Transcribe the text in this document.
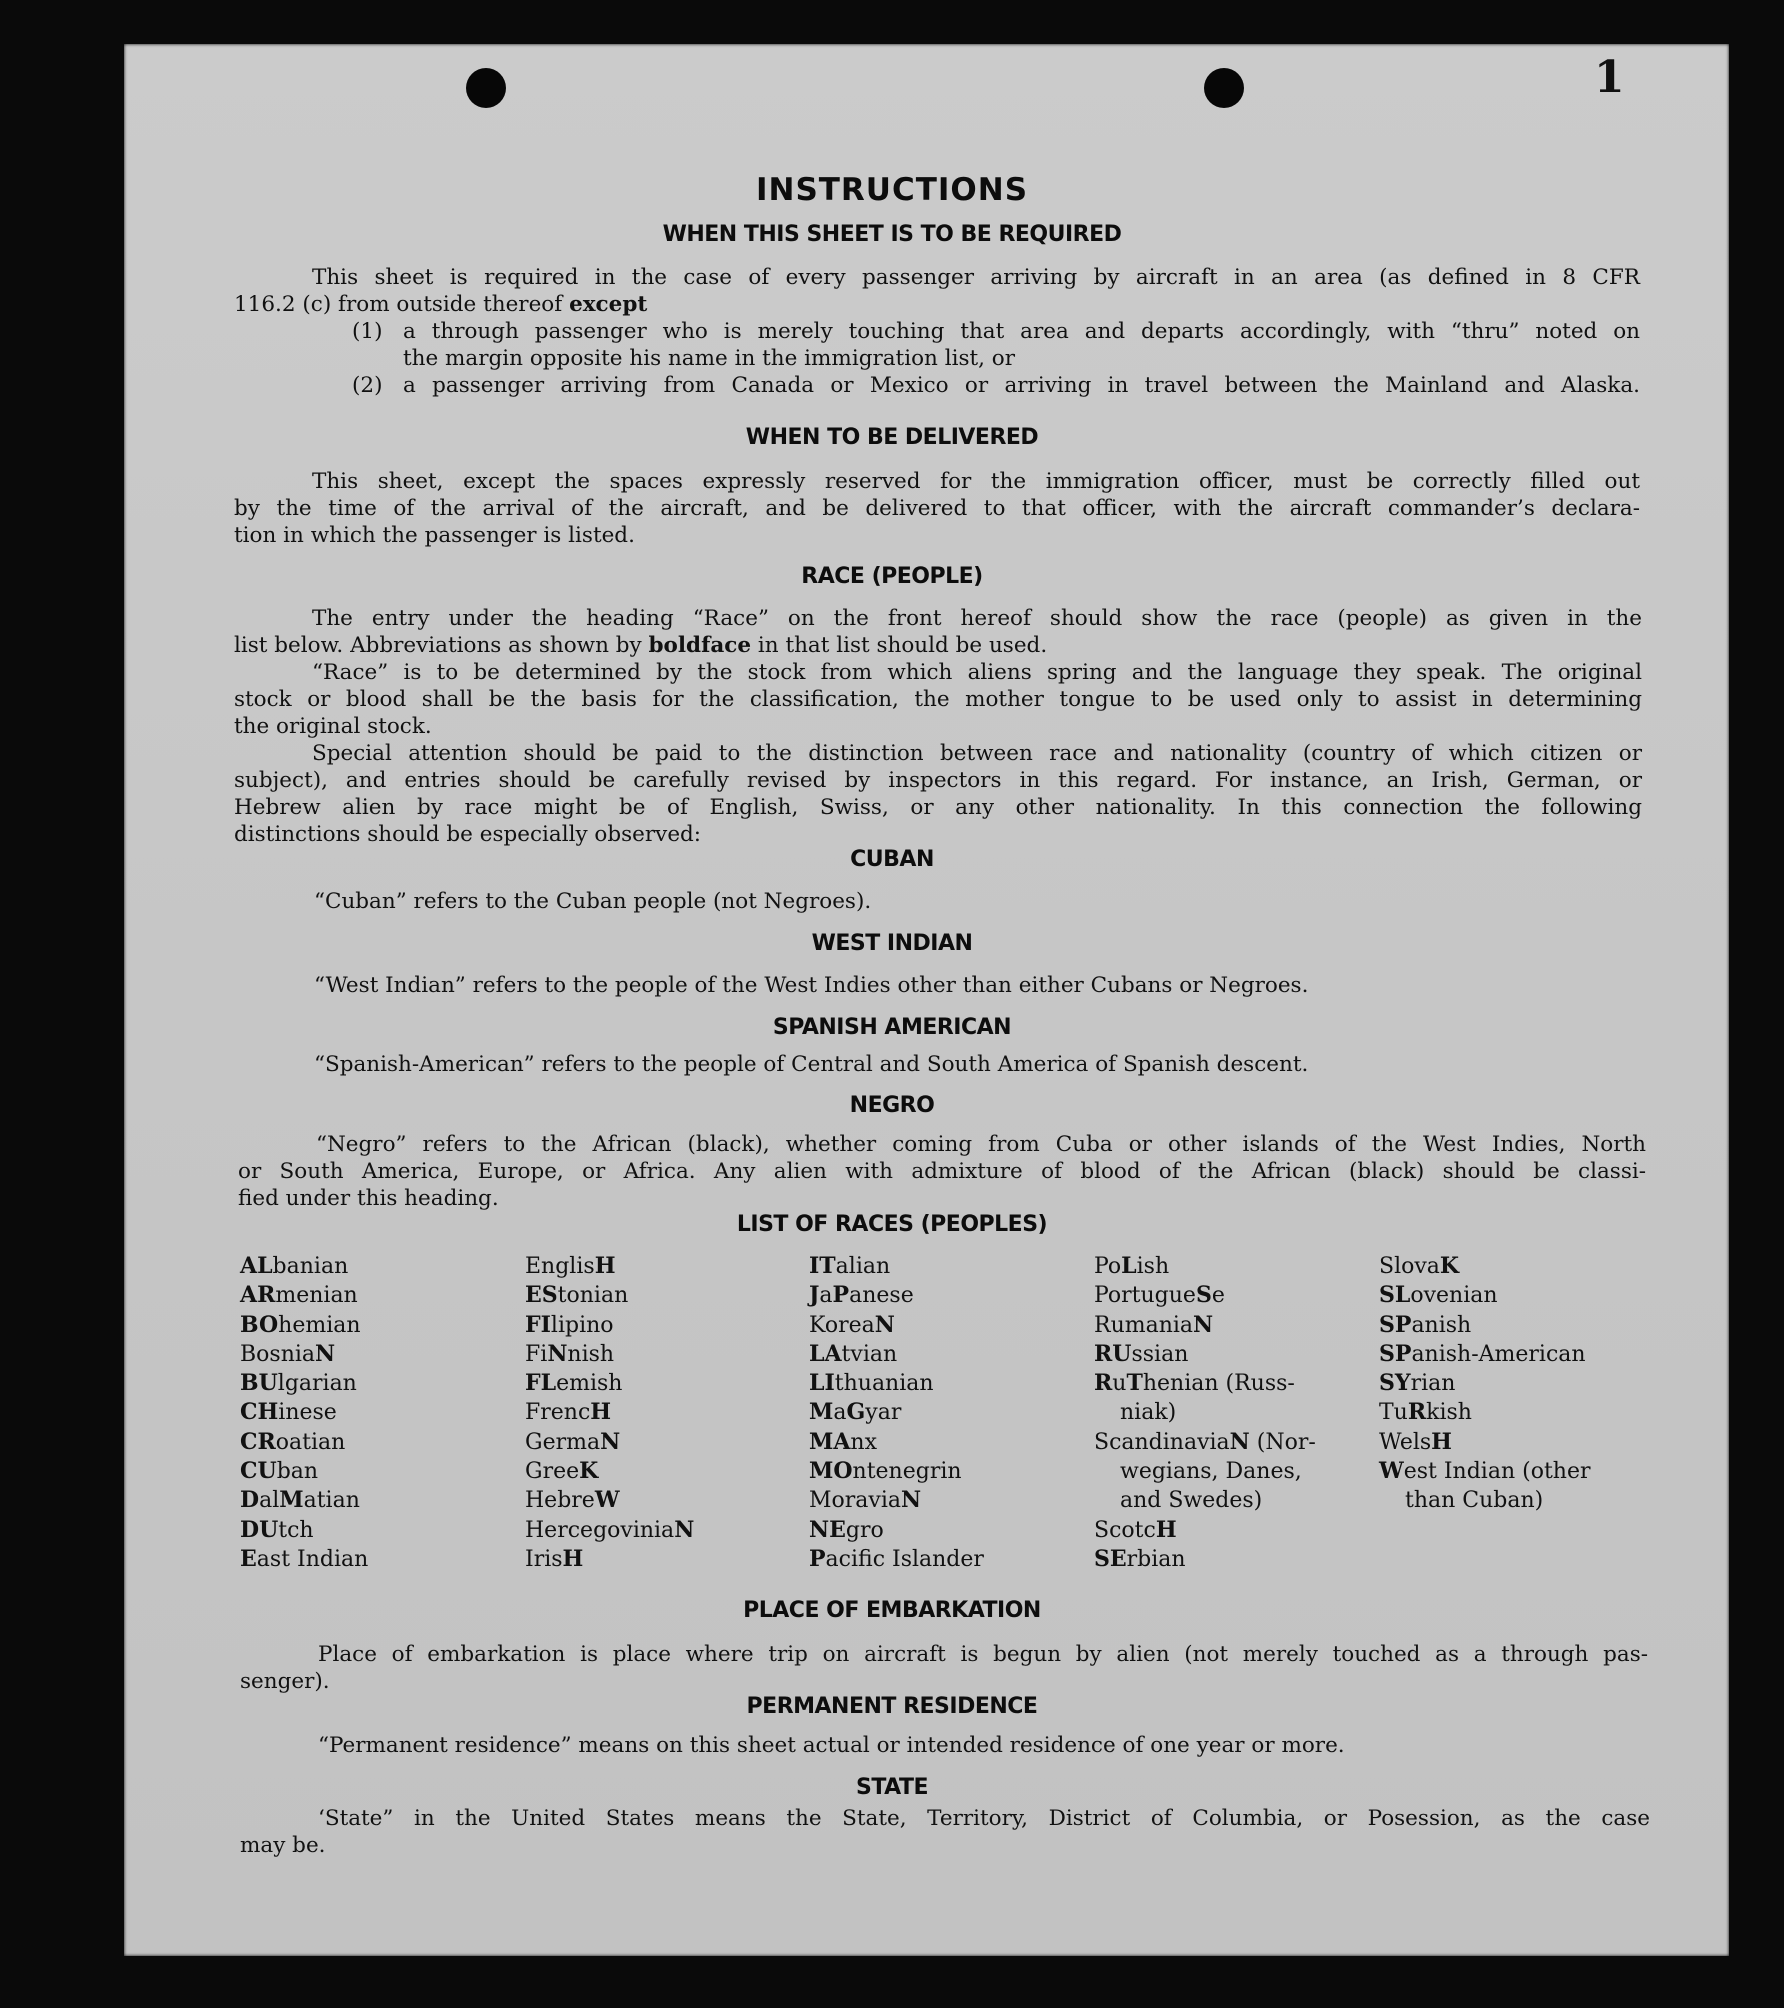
1
INSTRUCTIONS
WHEN THIS SHEET IS TO BE REQUIRED

This sheet is required in the case of every passenger arriving by aircraft in an area (as defined in 8 CFR

116.2 (c) from outside thereof except

(1) a through passenger who is merely touching that area and departs accordingly, with “thru” noted on

the margin opposite his name in the immigration list, or

(2) a passenger arriving from Canada or Mexico or arriving in travel between the Mainland and Alaska.

WHEN TO BE DELIVERED

This sheet, except the spaces expressly reserved for the immigration officer, must be correctly filled out

by the time of the arrival of the aircraft, and be delivered to that officer, with the aircraft commander’s declara-

tion in which the passenger is listed.

RACE (PEOPLE)

The entry under the heading “Race” on the front hereof should show the race (people) as given in the

list below. Abbreviations as shown by boldface in that list should be used.

“Race” is to be determined by the stock from which aliens spring and the language they speak. The original

stock or blood shall be the basis for the classification, the mother tongue to be used only to assist in determining

the original stock.

Special attention should be paid to the distinction between race and nationality (country of which citizen or

subject), and entries should be carefully revised by inspectors in this regard. For instance, an Irish, German, or

Hebrew alien by race might be of English, Swiss, or any other nationality. In this connection the following

distinctions should be especially observed:

CUBAN

“Cuban” refers to the Cuban people (not Negroes).

WEST INDIAN

“West Indian” refers to the people of the West Indies other than either Cubans or Negroes.

SPANISH AMERICAN

“Spanish-American” refers to the people of Central and South America of Spanish descent.

NEGRO

“Negro” refers to the African (black), whether coming from Cuba or other islands of the West Indies, North

or South America, Europe, or Africa. Any alien with admixture of blood of the African (black) should be classi-

fied under this heading.

LIST OF RACES (PEOPLES)
ALbanian
ARmenian
BOhemian
BosniaN
BUlgarian
CHinese
CRoatian
CUban
DalMatian
DUtch
East Indian
EnglisH
EStonian
FIlipino
FiNnish
FLemish
FrencH
GermaN
GreeK
HebreW
HercegoviniaN
IrisH
ITalian
JaPanese
KoreaN
LAtvian
LIthuanian
MaGyar
MAnx
MOntenegrin
MoraviaN
NEgro
Pacific Islander
PoLish
PortugueSe
RumaniaN
RUssian
RuThenian (Russ-
niak)
ScandinaviaN (Nor-
wegians, Danes,
and Swedes)
ScotcH
SErbian
SlovaK
SLovenian
SPanish
SPanish-American
SYrian
TuRkish
WelsH
West Indian (other
than Cuban)
PLACE OF EMBARKATION

Place of embarkation is place where trip on aircraft is begun by alien (not merely touched as a through pas-

senger).

PERMANENT RESIDENCE

“Permanent residence” means on this sheet actual or intended residence of one year or more.

STATE

‘State” in the United States means the State, Territory, District of Columbia, or Posession, as the case

may be.
